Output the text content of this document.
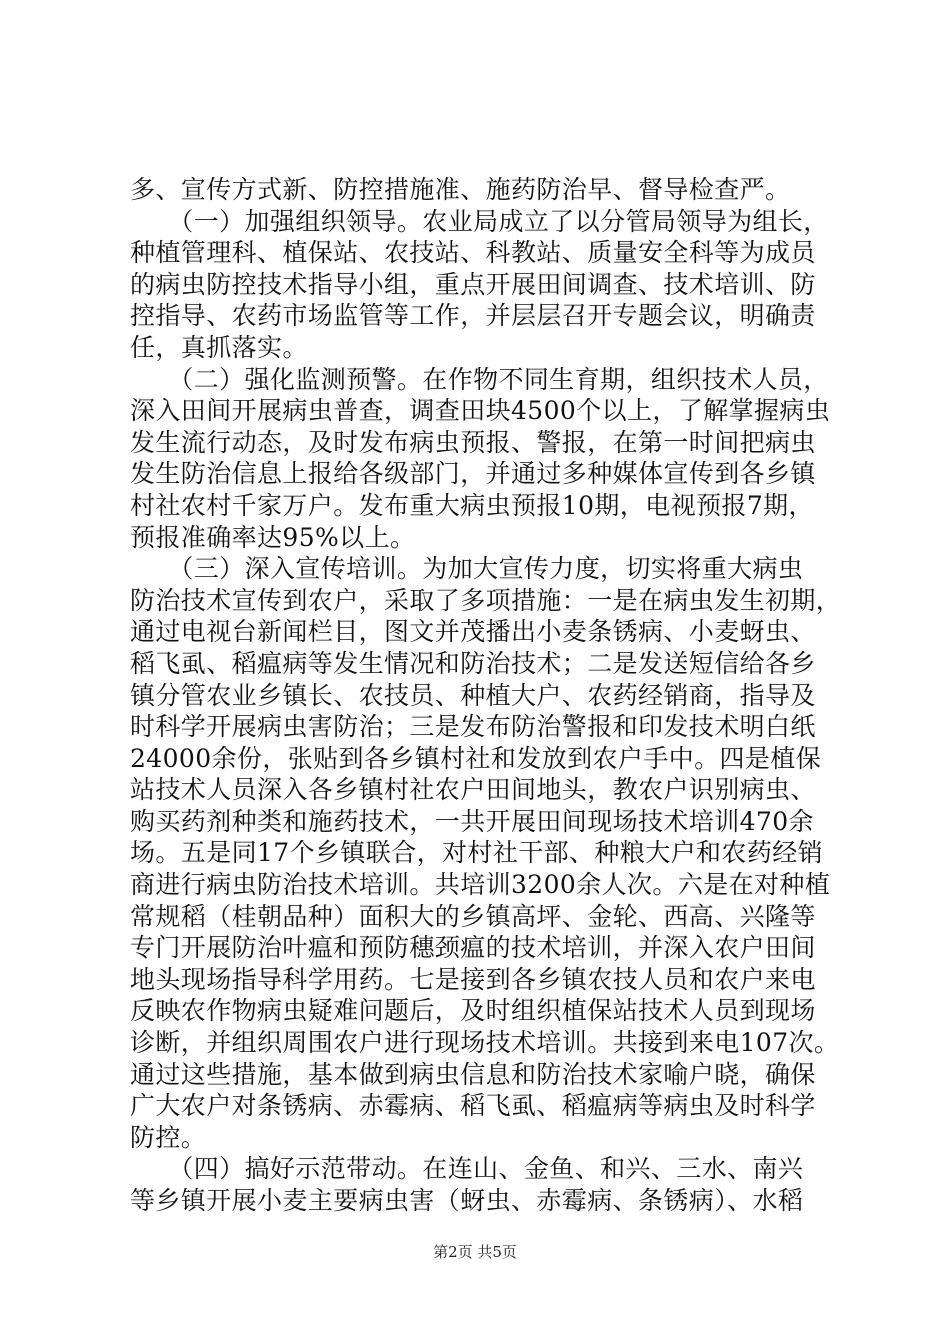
多、宣传方式新、防控措施准、施药防治早、督导检查严。
　　（一）加强组织领导。农业局成立了以分管局领导为组长，
种植管理科、植保站、农技站、科教站、质量安全科等为成员
的病虫防控技术指导小组，重点开展田间调查、技术培训、防
控指导、农药市场监管等工作，并层层召开专题会议，明确责
任，真抓落实。
　　（二）强化监测预警。在作物不同生育期，组织技术人员，
深入田间开展病虫普查，调查田块4500个以上，了解掌握病虫
发生流行动态，及时发布病虫预报、警报，在第一时间把病虫
发生防治信息上报给各级部门，并通过多种媒体宣传到各乡镇
村社农村千家万户。发布重大病虫预报10期，电视预报7期，
预报准确率达95%以上。
　　（三）深入宣传培训。为加大宣传力度，切实将重大病虫
防治技术宣传到农户，采取了多项措施：一是在病虫发生初期，
通过电视台新闻栏目，图文并茂播出小麦条锈病、小麦蚜虫、
稻飞虱、稻瘟病等发生情况和防治技术；二是发送短信给各乡
镇分管农业乡镇长、农技员、种植大户、农药经销商，指导及
时科学开展病虫害防治；三是发布防治警报和印发技术明白纸
24000余份，张贴到各乡镇村社和发放到农户手中。四是植保
站技术人员深入各乡镇村社农户田间地头，教农户识别病虫、
购买药剂种类和施药技术，一共开展田间现场技术培训470余
场。五是同17个乡镇联合，对村社干部、种粮大户和农药经销
商进行病虫防治技术培训。共培训3200余人次。六是在对种植
常规稻（桂朝品种）面积大的乡镇高坪、金轮、西高、兴隆等
专门开展防治叶瘟和预防穗颈瘟的技术培训，并深入农户田间
地头现场指导科学用药。七是接到各乡镇农技人员和农户来电
反映农作物病虫疑难问题后，及时组织植保站技术人员到现场
诊断，并组织周围农户进行现场技术培训。共接到来电107次。
通过这些措施，基本做到病虫信息和防治技术家喻户晓，确保
广大农户对条锈病、赤霉病、稻飞虱、稻瘟病等病虫及时科学
防控。
　　（四）搞好示范带动。在连山、金鱼、和兴、三水、南兴
等乡镇开展小麦主要病虫害（蚜虫、赤霉病、条锈病）、水稻
第2页 共5页
